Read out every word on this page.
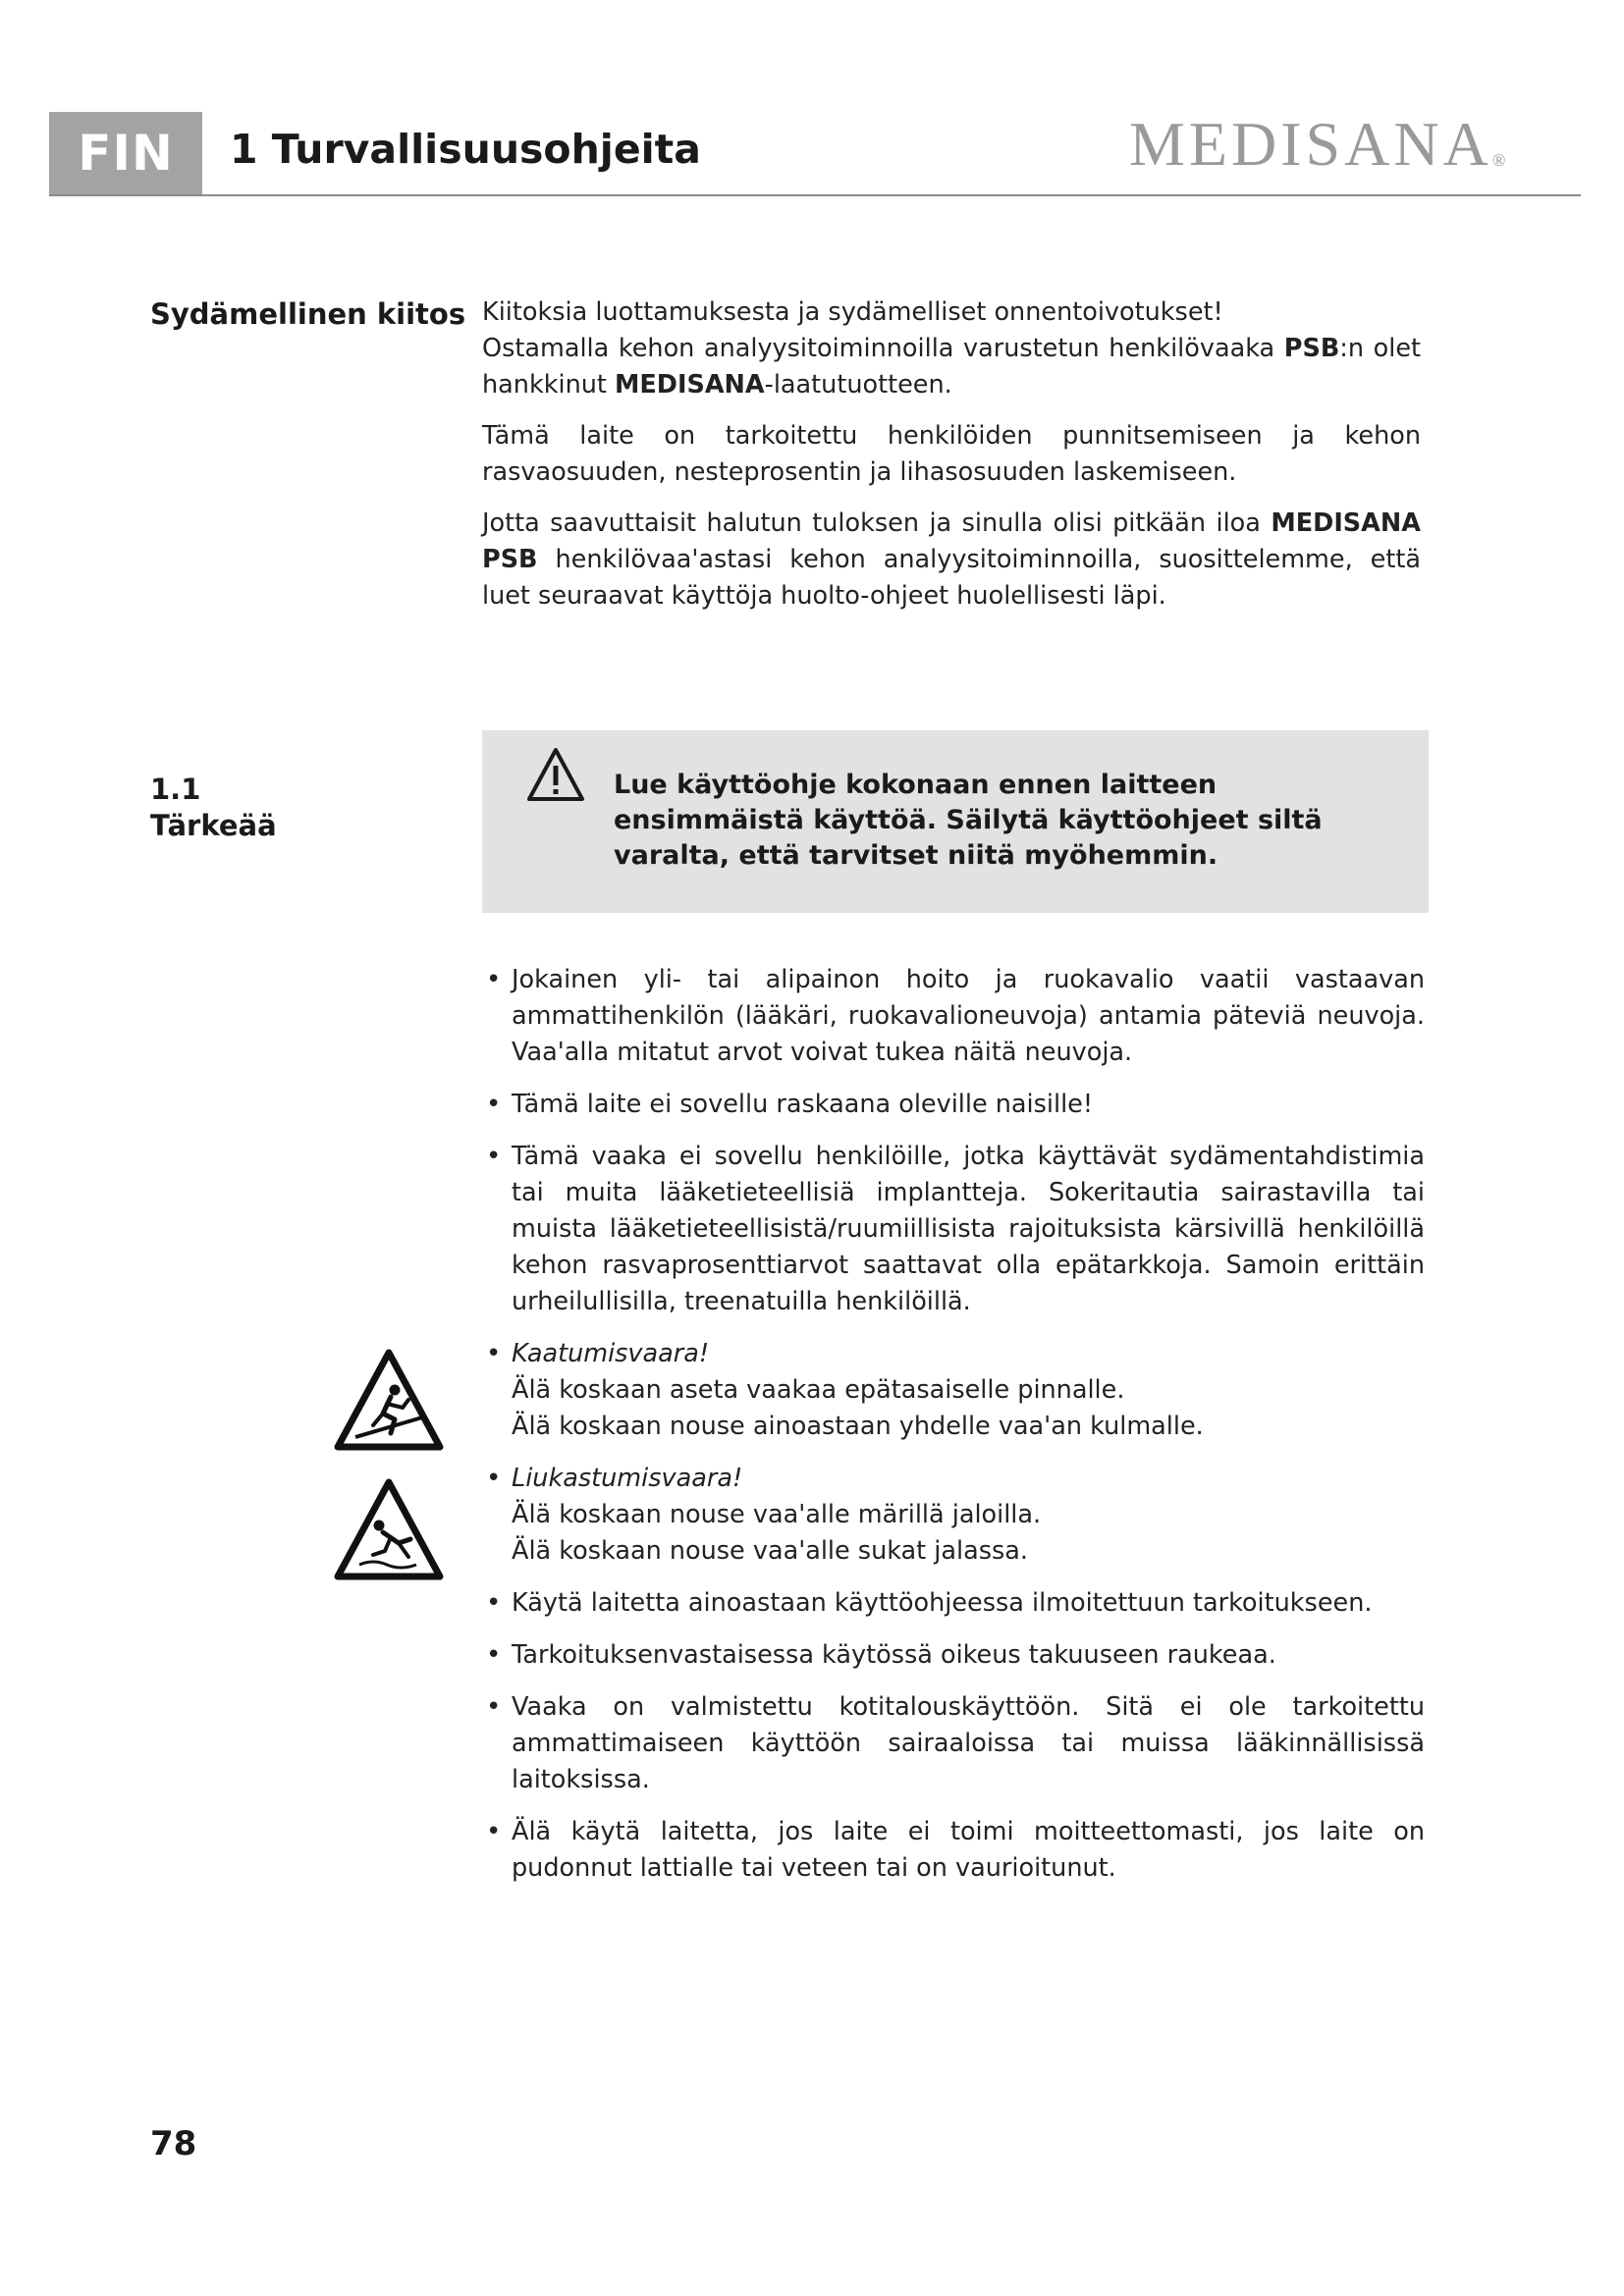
FIN	1 Turvallisuusohjeita	MEDISANA®
Sydämellinen kiitos Kiitoksia luottamuksesta ja sydämelliset onnentoivotukset!
Ostamalla kehon analyysitoiminnoilla varustetun henkilövaaka PSB:n olet hankkinut MEDISANA-laatutuotteen.

Tämä laite on tarkoitettu henkilöiden punnitsemiseen ja kehon rasvaosuuden, nesteprosentin ja lihasosuuden laskemiseen.

Jotta saavuttaisit halutun tuloksen ja sinulla olisi pitkään iloa MEDISANA PSB henkilövaa'astasi kehon analyysitoiminnoilla, suosittelemme, että luet seuraavat käyttöja huolto-ohjeet huolellisesti läpi.

1.1
Tärkeää
Lue käyttöohje kokonaan ennen laitteen ensimmäistä käyttöä. Säilytä käyttöohjeet siltä varalta, että tarvitset niitä myöhemmin.
• Jokainen yli- tai alipainon hoito ja ruokavalio vaatii vastaavan ammattihenkilön (lääkäri, ruokavalioneuvoja) antamia päteviä neuvoja. Vaa'alla mitatut arvot voivat tukea näitä neuvoja.
• Tämä laite ei sovellu raskaana oleville naisille!
• Tämä vaaka ei sovellu henkilöille, jotka käyttävät sydämentahdistimia tai muita lääketieteellisiä implantteja. Sokeritautia sairastavilla tai muista lääketieteellisistä/ruumiillisista rajoituksista kärsivillä henkilöillä kehon rasvaprosenttiarvot saattavat olla epätarkkoja. Samoin erittäin urheilullisilla, treenatuilla henkilöillä.
• Kaatumisvaara!
Älä koskaan aseta vaakaa epätasaiselle pinnalle.
Älä koskaan nouse ainoastaan yhdelle vaa'an kulmalle.
• Liukastumisvaara!
Älä koskaan nouse vaa'alle märillä jaloilla.
Älä koskaan nouse vaa'alle sukat jalassa.
• Käytä laitetta ainoastaan käyttöohjeessa ilmoitettuun tarkoitukseen.
• Tarkoituksenvastaisessa käytössä oikeus takuuseen raukeaa.
• Vaaka on valmistettu kotitalouskäyttöön. Sitä ei ole tarkoitettu ammattimaiseen käyttöön sairaaloissa tai muissa lääkinnällisissä laitoksissa.
• Älä käytä laitetta, jos laite ei toimi moitteettomasti, jos laite on pudonnut lattialle tai veteen tai on vaurioitunut.
78
